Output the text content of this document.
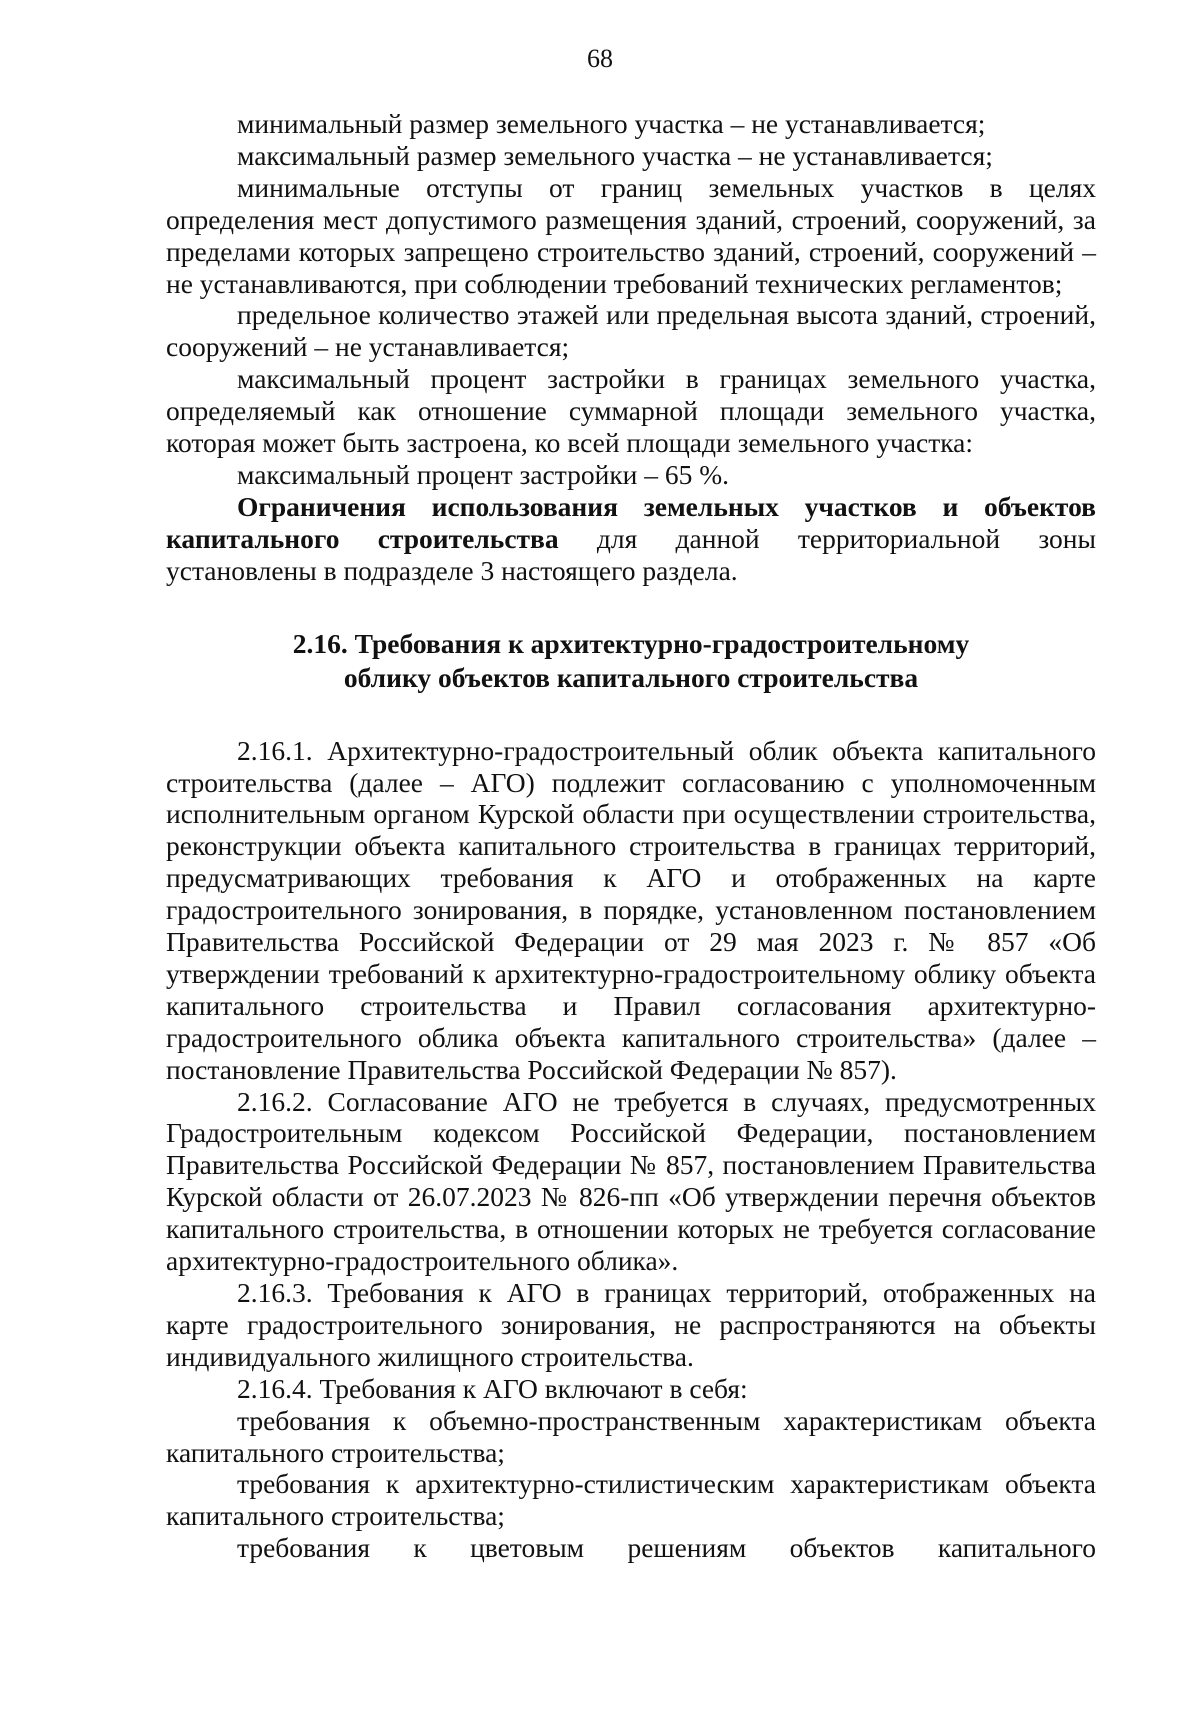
68

минимальный размер земельного участка – не устанавливается;

максимальный размер земельного участка – не устанавливается;

минимальные отступы от границ земельных участков в целях определения мест допустимого размещения зданий, строений, сооружений, за пределами которых запрещено строительство зданий, строений, сооружений – не устанавливаются, при соблюдении требований технических регламентов;

предельное количество этажей или предельная высота зданий, строений, сооружений – не устанавливается;

максимальный процент застройки в границах земельного участка, определяемый как отношение суммарной площади земельного участка, которая может быть застроена, ко всей площади земельного участка:

максимальный процент застройки – 65 %.

Ограничения использования земельных участков и объектов капитального строительства для данной территориальной зоны установлены в подразделе 3 настоящего раздела.

2.16. Требования к архитектурно-градостроительному
облику объектов капитального строительства

2.16.1. Архитектурно-градостроительный облик объекта капитального строительства (далее – АГО) подлежит согласованию с уполномоченным исполнительным органом Курской области при осуществлении строительства, реконструкции объекта капитального строительства в границах территорий, предусматривающих требования к АГО и отображенных на карте градостроительного зонирования, в порядке, установленном постановлением Правительства Российской Федерации от 29 мая 2023 г. № 857 «Об утверждении требований к архитектурно-градостроительному облику объекта капитального строительства и Правил согласования архитектурно-градостроительного облика объекта капитального строительства» (далее – постановление Правительства Российской Федерации № 857).

2.16.2. Согласование АГО не требуется в случаях, предусмотренных Градостроительным кодексом Российской Федерации, постановлением Правительства Российской Федерации № 857, постановлением Правительства Курской области от 26.07.2023 № 826-пп «Об утверждении перечня объектов капитального строительства, в отношении которых не требуется согласование архитектурно-градостроительного облика».

2.16.3. Требования к АГО в границах территорий, отображенных на карте градостроительного зонирования, не распространяются на объекты индивидуального жилищного строительства.

2.16.4. Требования к АГО включают в себя:

требования к объемно-пространственным характеристикам объекта капитального строительства;

требования к архитектурно-стилистическим характеристикам объекта капитального строительства;

требования к цветовым решениям объектов капитального
